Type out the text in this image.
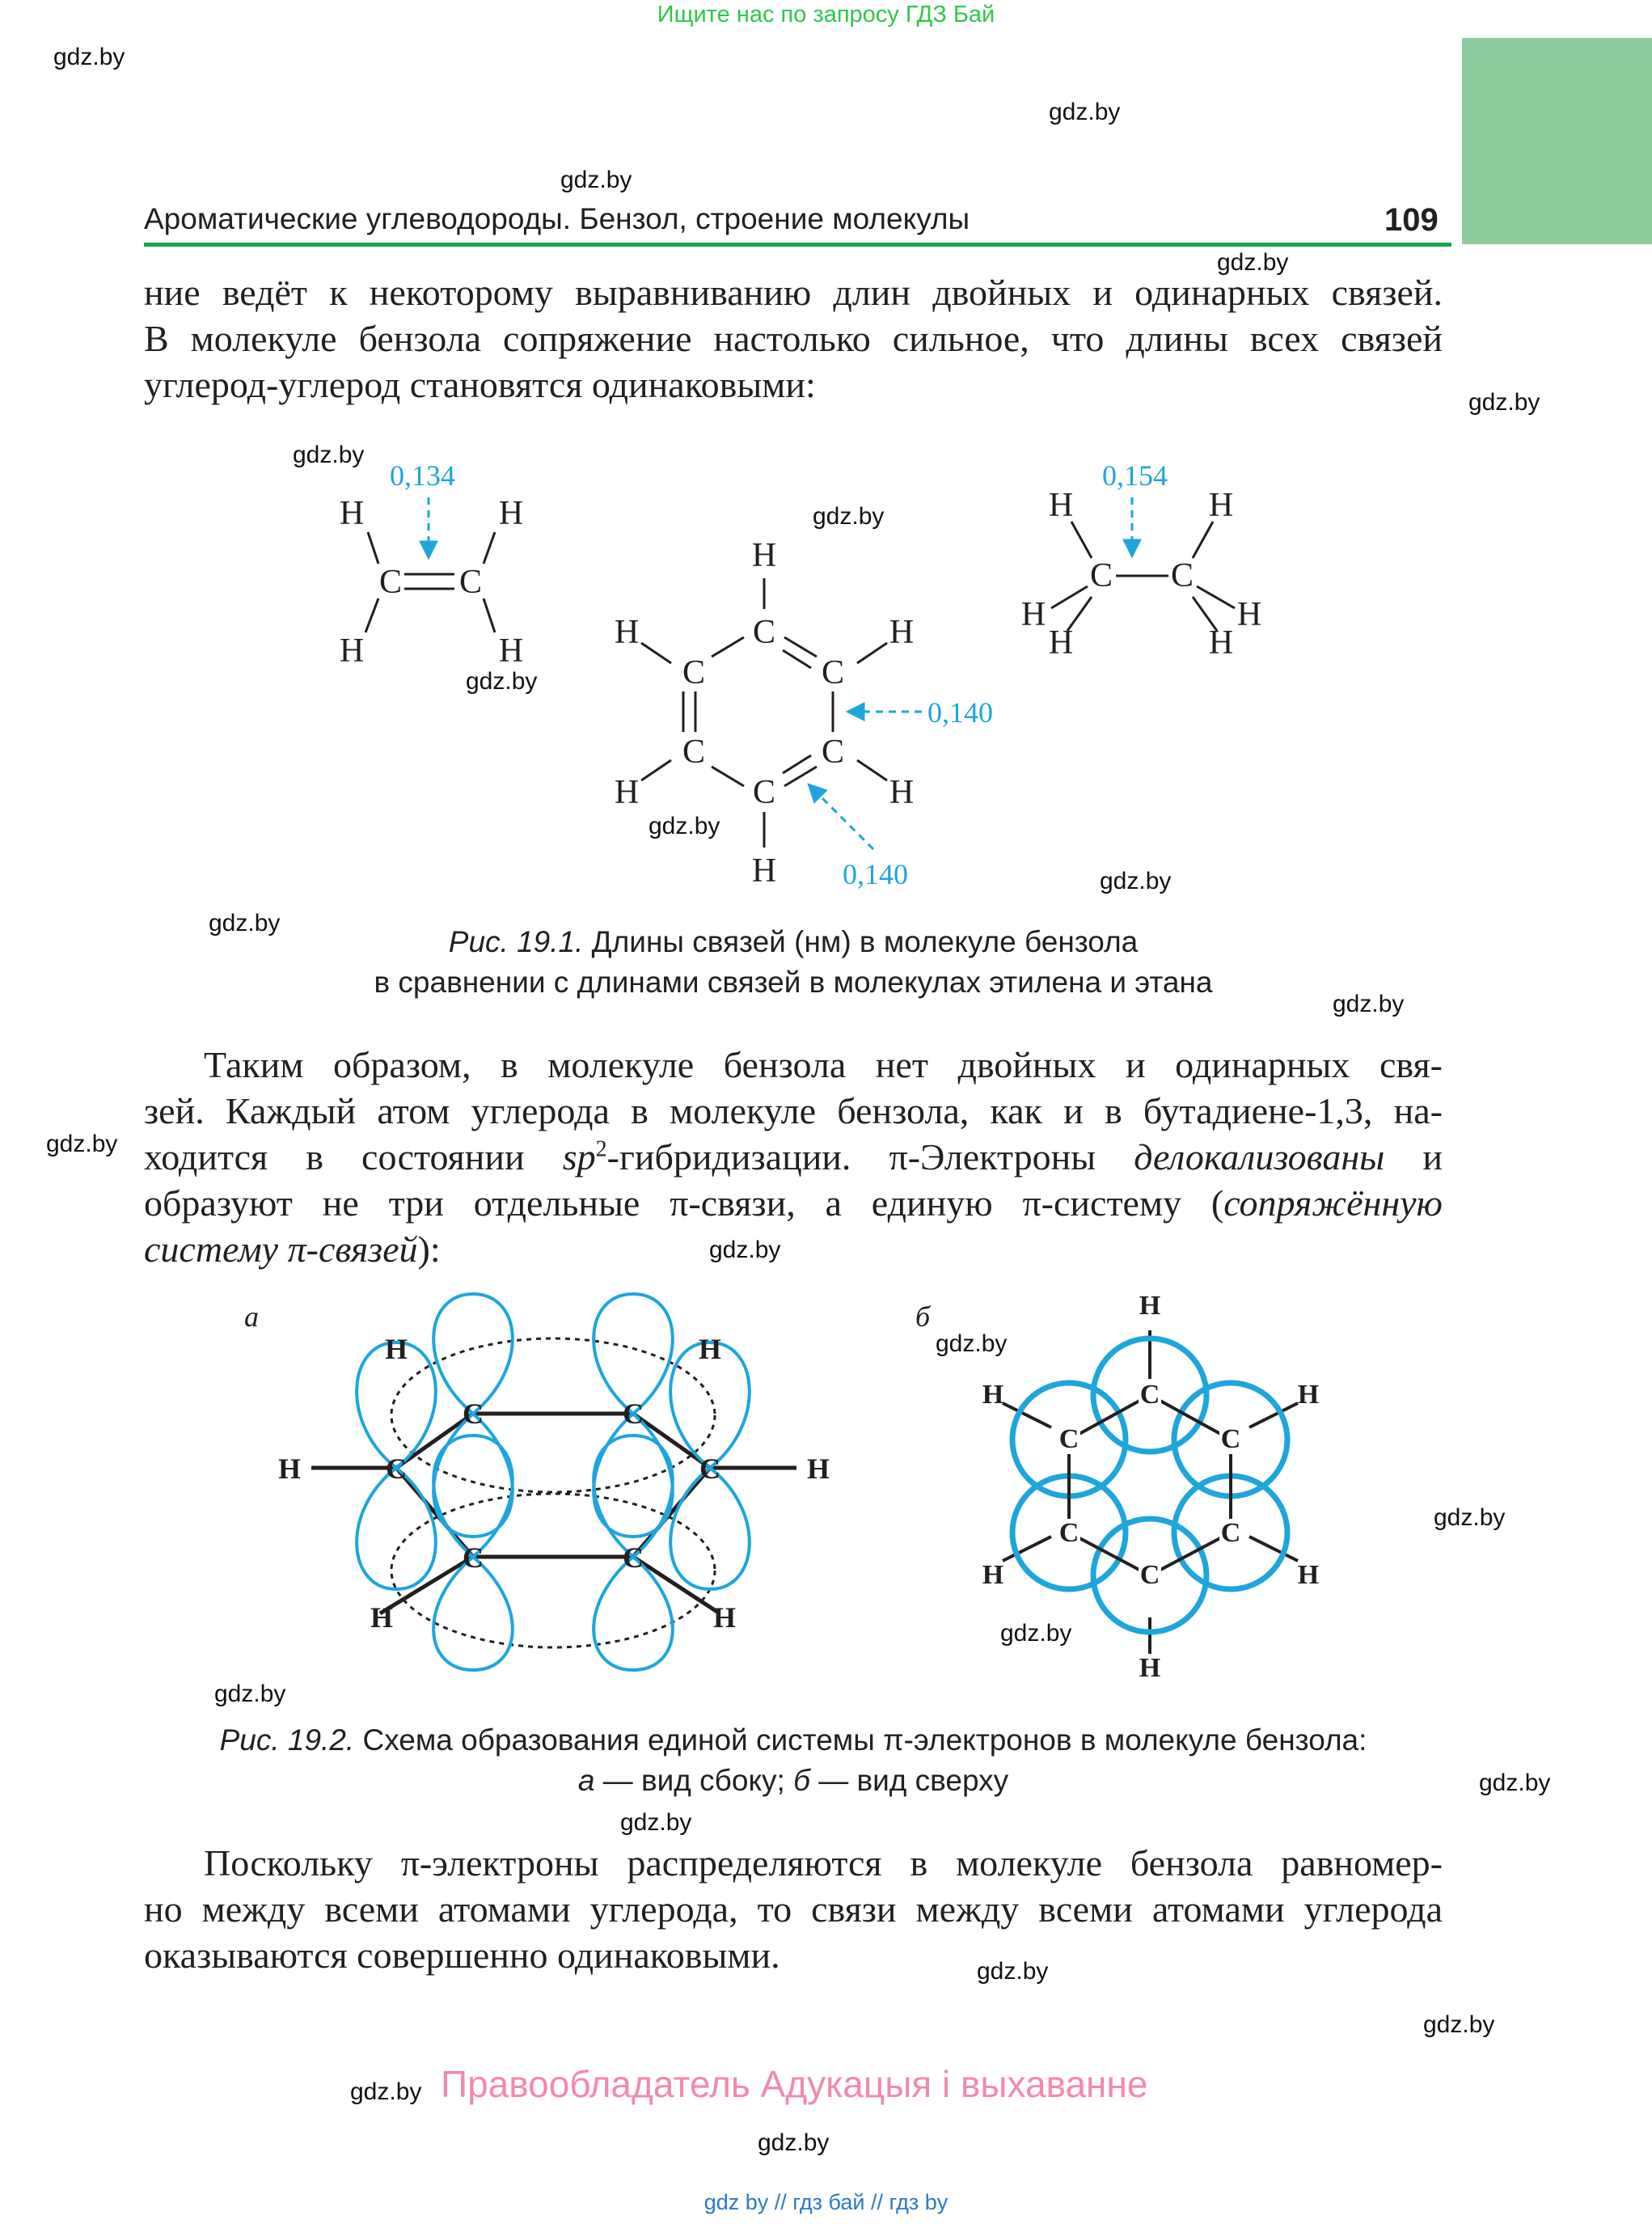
Ищите нас по запросу ГДЗ Бай
gdz.by
gdz.by
gdz.by
gdz.by
gdz.by
gdz.by
gdz.by
gdz.by
gdz.by
gdz.by
gdz.by
gdz.by
gdz.by
gdz.by
gdz.by
gdz.by
gdz.by
gdz.by
gdz.by
gdz.by
gdz.by
gdz.by
gdz.by
gdz.by
Ароматические углеводороды. Бензол, строение молекулы	109
ние ведёт к некоторому выравниванию длин двойных и одинарных связей.
В молекуле бензола сопряжение настолько сильное, что длины всех связей
углерод-углерод становятся одинаковыми:
H	H
C C
H	H
H
C
H	H
C	C
C	C
C
H	H
H
H	H
C C
H	H
H	H
0,134	0,154
0,140
0,140
Рис. 19.1. Длины связей (нм) в молекуле бензола
в сравнении с длинами связей в молекулах этилена и этана
Таким образом, в молекуле бензола нет двойных и одинарных свя-
зей. Каждый атом углерода в молекуле бензола, как и в бутадиене-1,3, на-
ходится в состоянии $sp^2$-гибридизации. π-Электроны делокализованы и
образуют не три отдельные π-связи, а единую π-систему (сопряжённую
систему π-связей):
а	б
C	C
C	C
C	C
H	H
H	H
H	H
C
C	C
C	C
C
H
H	H
H	H
H
Рис. 19.2. Схема образования единой системы π-электронов в молекуле бензола:
а — вид сбоку; б — вид сверху
Поскольку π-электроны распределяются в молекуле бензола равномер-
но между всеми атомами углерода, то связи между всеми атомами углерода
оказываются совершенно одинаковыми.
Правообладатель Адукацыя і выхаванне
gdz by // гдз бай // гдз by
